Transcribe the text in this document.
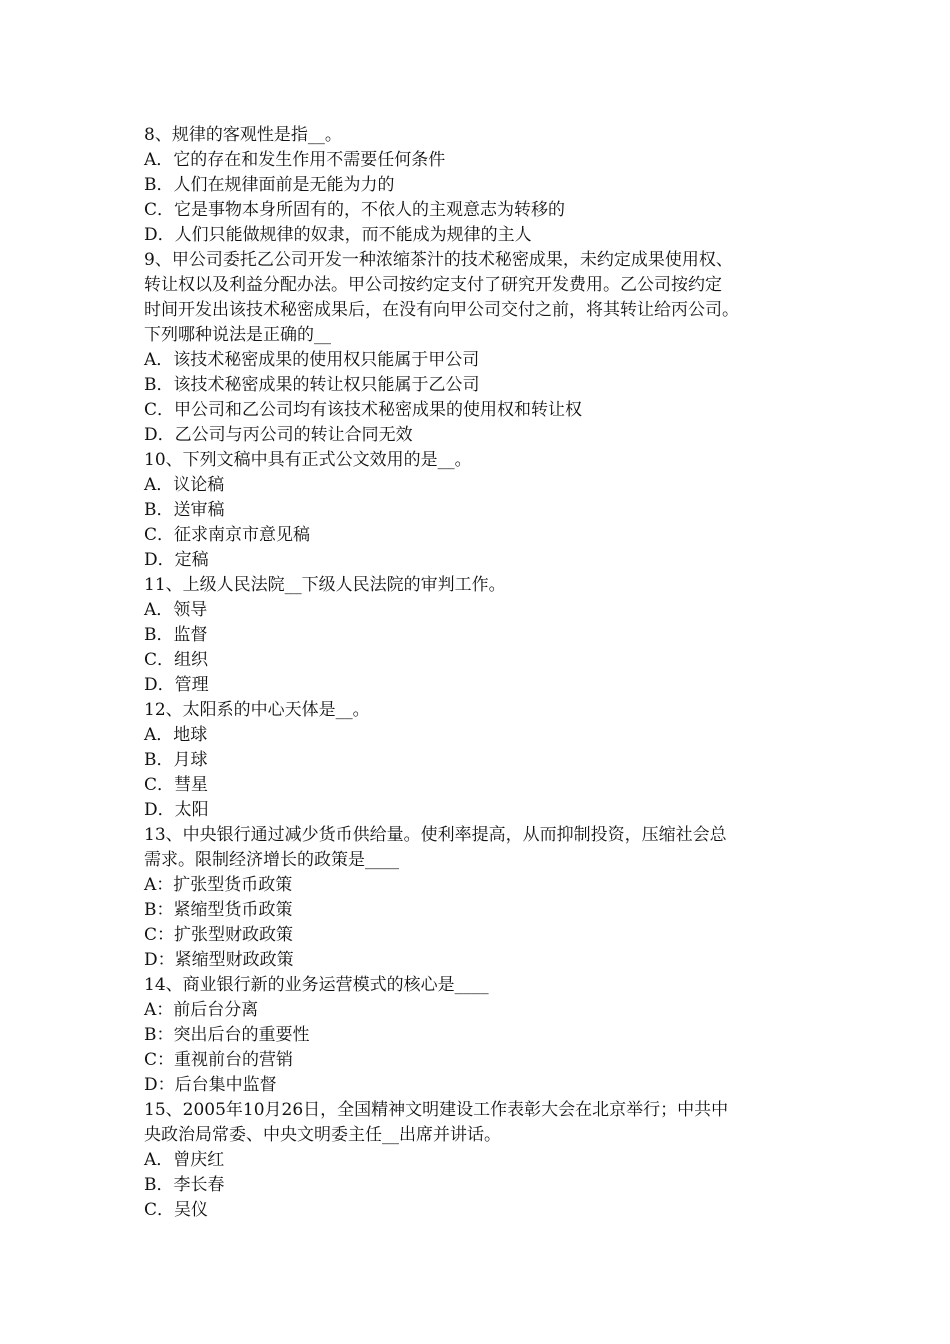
8、规律的客观性是指__。
A．它的存在和发生作用不需要任何条件
B．人们在规律面前是无能为力的
C．它是事物本身所固有的，不依人的主观意志为转移的
D．人们只能做规律的奴隶，而不能成为规律的主人
9、甲公司委托乙公司开发一种浓缩茶汁的技术秘密成果，未约定成果使用权、
转让权以及利益分配办法。甲公司按约定支付了研究开发费用。乙公司按约定
时间开发出该技术秘密成果后，在没有向甲公司交付之前，将其转让给丙公司。
下列哪种说法是正确的__
A．该技术秘密成果的使用权只能属于甲公司
B．该技术秘密成果的转让权只能属于乙公司
C．甲公司和乙公司均有该技术秘密成果的使用权和转让权
D．乙公司与丙公司的转让合同无效
10、下列文稿中具有正式公文效用的是__。
A．议论稿
B．送审稿
C．征求南京市意见稿
D．定稿
11、上级人民法院__下级人民法院的审判工作。
A．领导
B．监督
C．组织
D．管理
12、太阳系的中心天体是__。
A．地球
B．月球
C．彗星
D．太阳
13、中央银行通过减少货币供给量。使利率提高，从而抑制投资，压缩社会总
需求。限制经济增长的政策是____
A：扩张型货币政策
B：紧缩型货币政策
C：扩张型财政政策
D：紧缩型财政政策
14、商业银行新的业务运营模式的核心是____
A：前后台分离
B：突出后台的重要性
C：重视前台的营销
D：后台集中监督
15、2005年10月26日，全国精神文明建设工作表彰大会在北京举行；中共中
央政治局常委、中央文明委主任__出席并讲话。
A．曾庆红
B．李长春
C．吴仪
